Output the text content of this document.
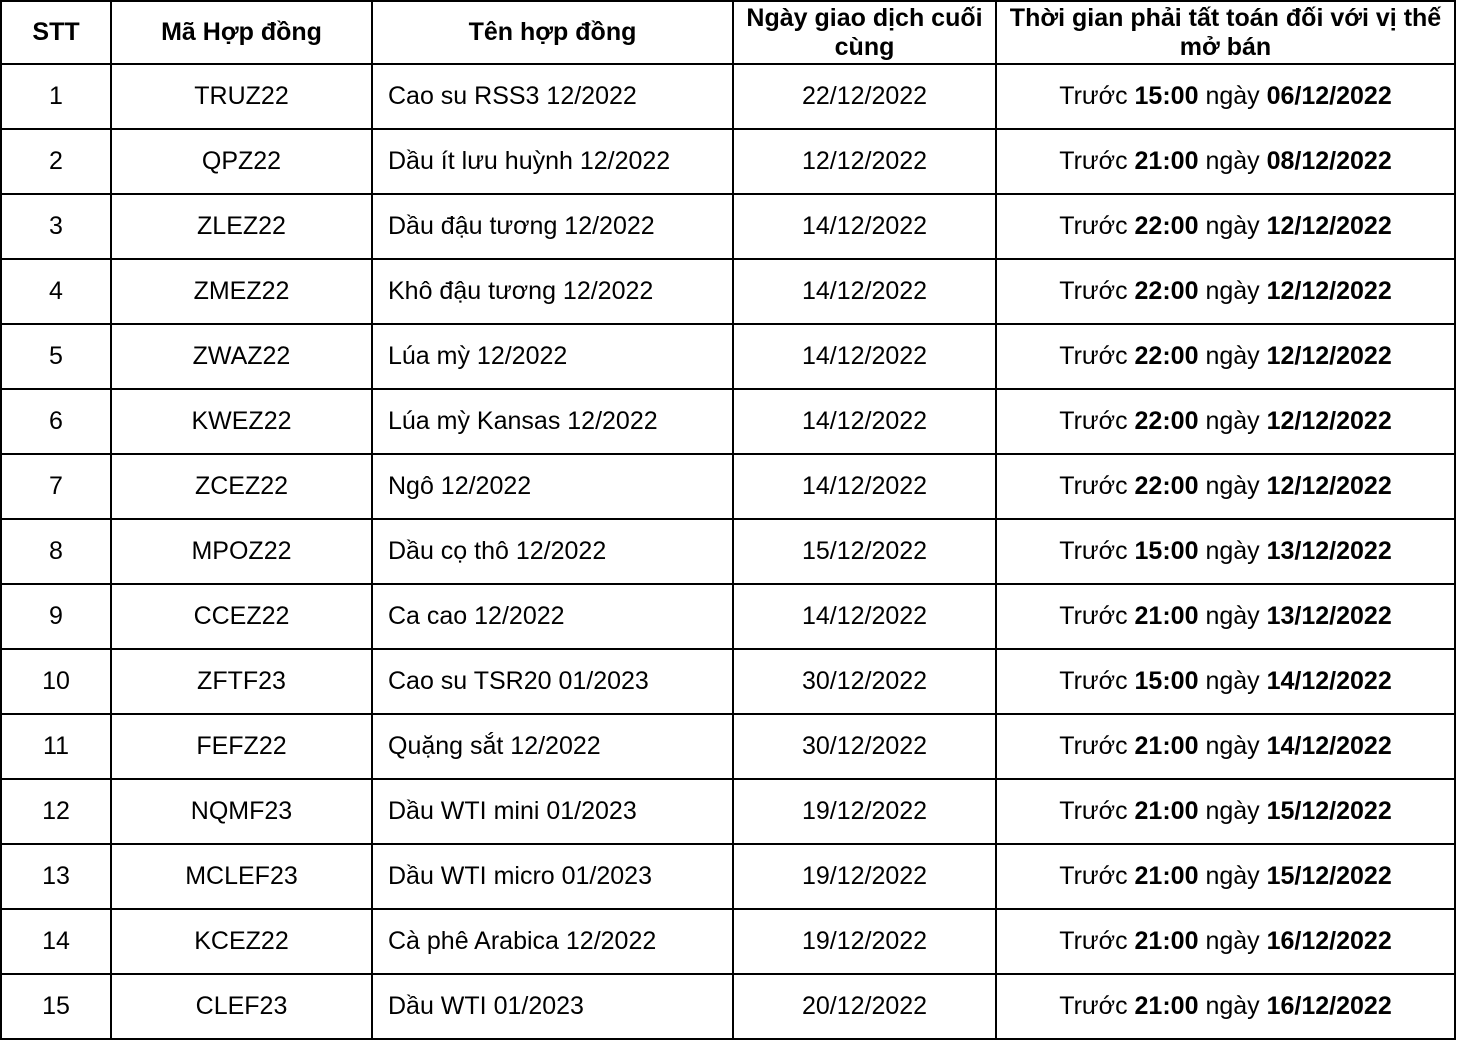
STT	Mã Hợp đồng	Tên hợp đồng	Ngày giao dịch cuối cùng	Thời gian phải tất toán đối với vị thế mở bán
1	TRUZ22	Cao su RSS3 12/2022	22/12/2022	Trước 15:00 ngày 06/12/2022
2	QPZ22	Dầu ít lưu huỳnh 12/2022	12/12/2022	Trước 21:00 ngày 08/12/2022
3	ZLEZ22	Dầu đậu tương 12/2022	14/12/2022	Trước 22:00 ngày 12/12/2022
4	ZMEZ22	Khô đậu tương 12/2022	14/12/2022	Trước 22:00 ngày 12/12/2022
5	ZWAZ22	Lúa mỳ 12/2022	14/12/2022	Trước 22:00 ngày 12/12/2022
6	KWEZ22	Lúa mỳ Kansas 12/2022	14/12/2022	Trước 22:00 ngày 12/12/2022
7	ZCEZ22	Ngô 12/2022	14/12/2022	Trước 22:00 ngày 12/12/2022
8	MPOZ22	Dầu cọ thô 12/2022	15/12/2022	Trước 15:00 ngày 13/12/2022
9	CCEZ22	Ca cao 12/2022	14/12/2022	Trước 21:00 ngày 13/12/2022
10	ZFTF23	Cao su TSR20 01/2023	30/12/2022	Trước 15:00 ngày 14/12/2022
11	FEFZ22	Quặng sắt 12/2022	30/12/2022	Trước 21:00 ngày 14/12/2022
12	NQMF23	Dầu WTI mini 01/2023	19/12/2022	Trước 21:00 ngày 15/12/2022
13	MCLEF23	Dầu WTI micro 01/2023	19/12/2022	Trước 21:00 ngày 15/12/2022
14	KCEZ22	Cà phê Arabica 12/2022	19/12/2022	Trước 21:00 ngày 16/12/2022
15	CLEF23	Dầu WTI 01/2023	20/12/2022	Trước 21:00 ngày 16/12/2022
